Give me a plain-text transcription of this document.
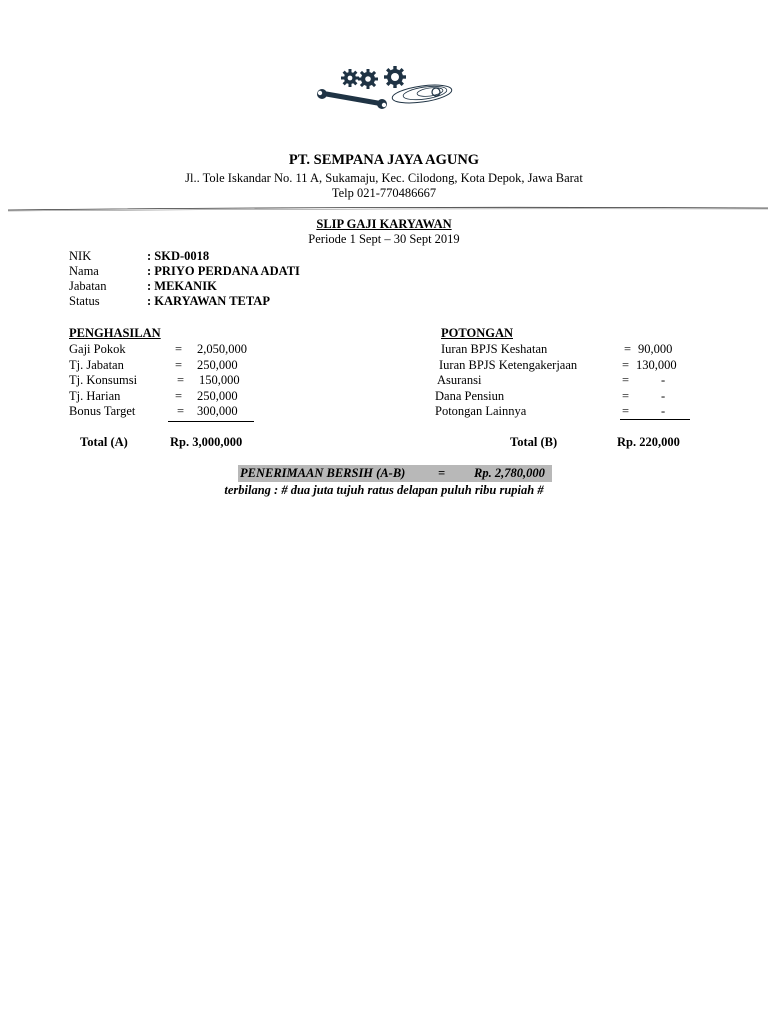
PT. SEMPANA JAYA AGUNG
Jl.. Tole Iskandar No. 11 A, Sukamaju, Kec. Cilodong, Kota Depok, Jawa Barat
Telp 021-770486667
SLIP GAJI KARYAWAN
Periode 1 Sept – 30 Sept 2019
NIK	: SKD-0018
Nama	: PRIYO PERDANA ADATI
Jabatan	: MEKANIK
Status	: KARYAWAN TETAP
PENGHASILAN
Gaji Pokok	= 2,050,000
Tj. Jabatan	= 250,000
Tj. Konsumsi	= 150,000
Tj. Harian	= 250,000
Bonus Target	= 300,000
Total (A)	Rp. 3,000,000
POTONGAN
Iuran BPJS Keshatan	= 90,000
Iuran BPJS Ketengakerjaan	= 130,000
Asuransi	=	-
Dana Pensiun	=	-
Potongan Lainnya	=	-
Total (B)	Rp. 220,000
PENERIMAAN BERSIH (A-B)	= Rp. 2,780,000
terbilang : # dua juta tujuh ratus delapan puluh ribu rupiah #
